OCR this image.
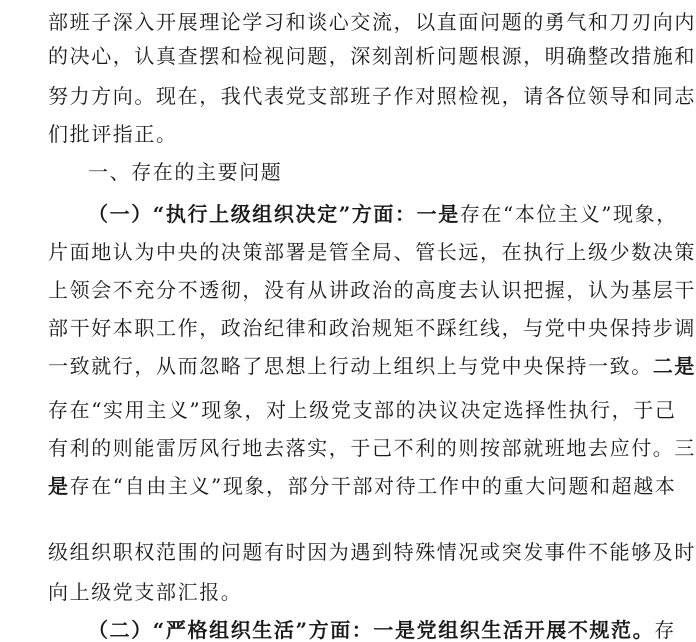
部班子深入开展理论学习和谈心交流，以直面问题的勇气和刀刃向内
的决心，认真查摆和检视问题，深刻剖析问题根源，明确整改措施和
努力方向。现在，我代表党支部班子作对照检视，请各位领导和同志
们批评指正。
一、存在的主要问题
（一）“执行上级组织决定”方面：一是存在“本位主义”现象，
片面地认为中央的决策部署是管全局、管长远，在执行上级少数决策
上领会不充分不透彻，没有从讲政治的高度去认识把握，认为基层干
部干好本职工作，政治纪律和政治规矩不踩红线，与党中央保持步调
一致就行，从而忽略了思想上行动上组织上与党中央保持一致。二是
存在“实用主义”现象，对上级党支部的决议决定选择性执行，于己
有利的则能雷厉风行地去落实，于己不利的则按部就班地去应付。三
是存在“自由主义”现象，部分干部对待工作中的重大问题和超越本
级组织职权范围的问题有时因为遇到特殊情况或突发事件不能够及时
向上级党支部汇报。
（二）“严格组织生活”方面：一是党组织生活开展不规范。存
